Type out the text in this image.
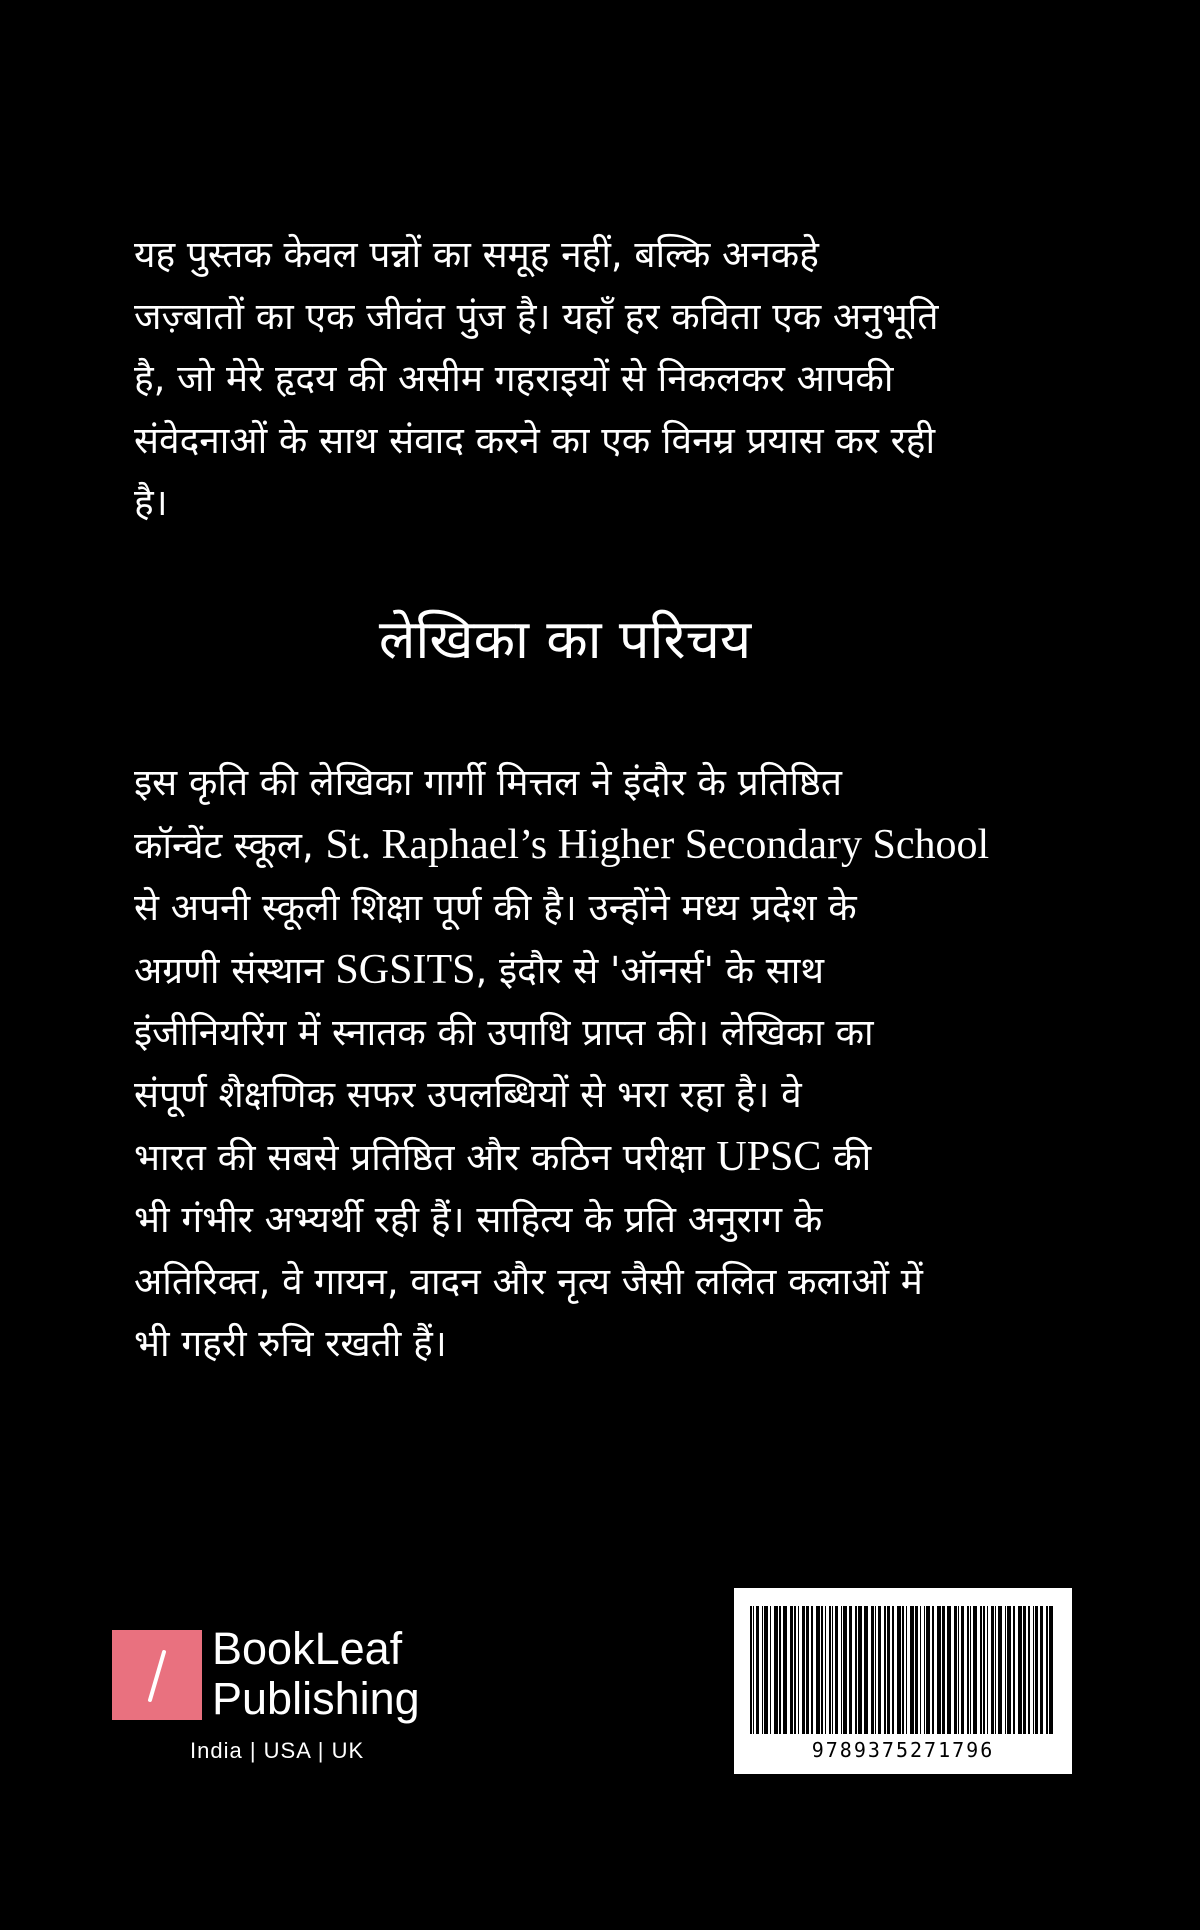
यह पुस्तक केवल पन्नों का समूह नहीं, बल्कि अनकहे
जज़्बातों का एक जीवंत पुंज है। यहाँ हर कविता एक अनुभूति
है, जो मेरे हृदय की असीम गहराइयों से निकलकर आपकी
संवेदनाओं के साथ संवाद करने का एक विनम्र प्रयास कर रही
है।
लेखिका का परिचय
इस कृति की लेखिका गार्गी मित्तल ने इंदौर के प्रतिष्ठित
कॉन्वेंट स्कूल, St. Raphael’s Higher Secondary School
से अपनी स्कूली शिक्षा पूर्ण की है। उन्होंने मध्य प्रदेश के
अग्रणी संस्थान SGSITS, इंदौर से 'ऑनर्स' के साथ
इंजीनियरिंग में स्नातक की उपाधि प्राप्त की। लेखिका का
संपूर्ण शैक्षणिक सफर उपलब्धियों से भरा रहा है। वे
भारत की सबसे प्रतिष्ठित और कठिन परीक्षा UPSC की
भी गंभीर अभ्यर्थी रही हैं। साहित्य के प्रति अनुराग के
अतिरिक्त, वे गायन, वादन और नृत्य जैसी ललित कलाओं में
भी गहरी रुचि रखती हैं।
BookLeaf
Publishing
India | USA | UK	9789375271796
